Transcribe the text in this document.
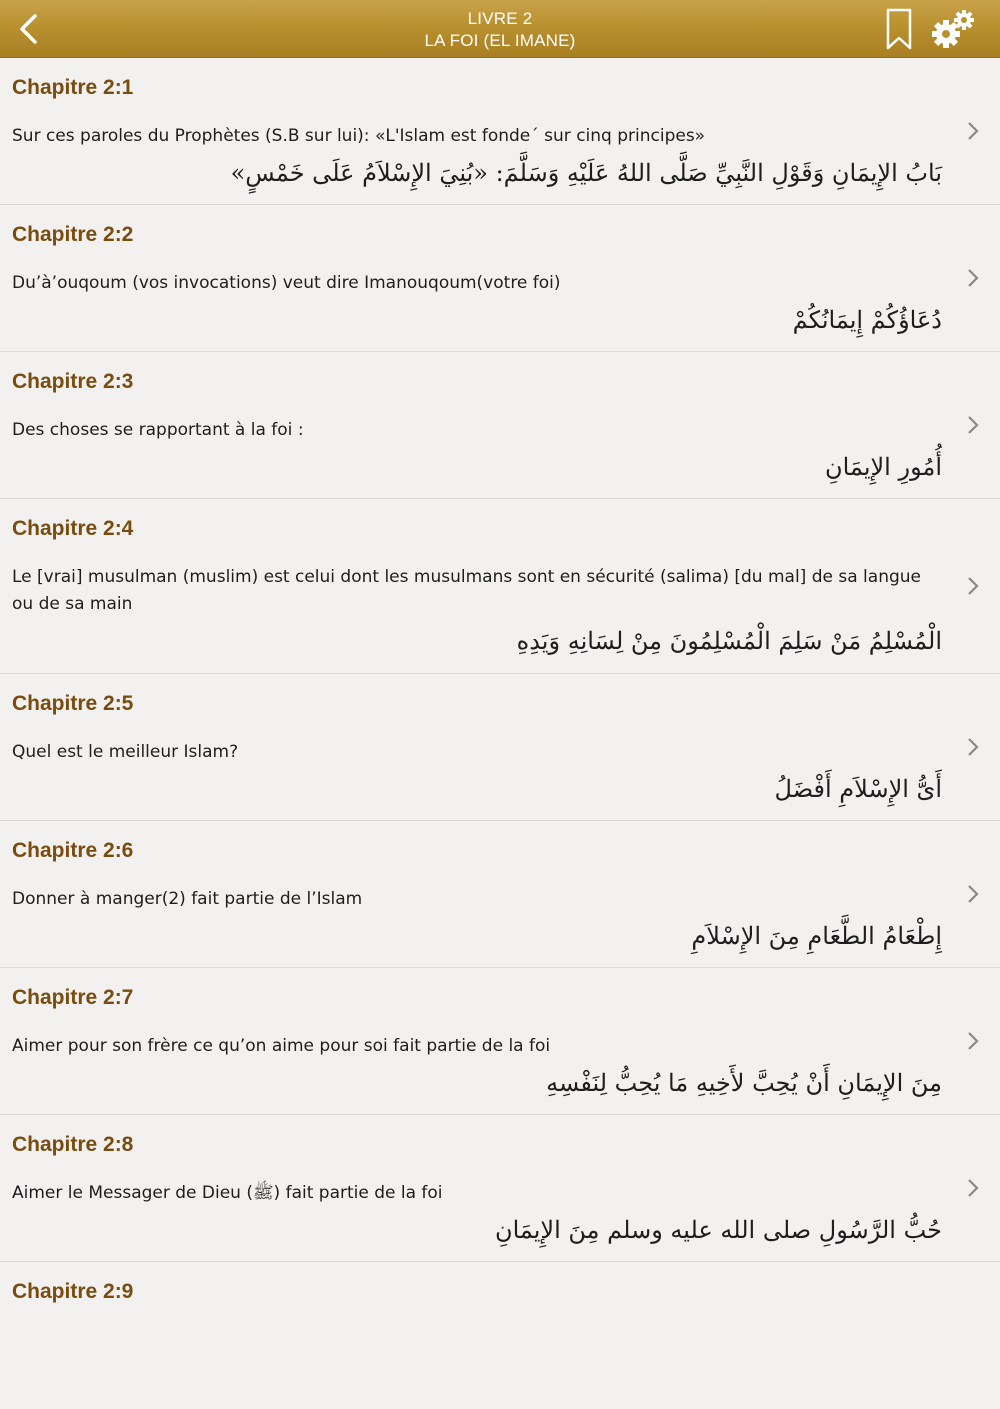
LIVRE 2
LA FOI (EL IMANE)
Chapitre 2:1
Sur ces paroles du Prophètes (S.B sur lui): «L'Islam est fonde´ sur cinq principes»
بَابُ الإِيمَانِ وَقَوْلِ النَّبِيِّ صَلَّى اللهُ عَلَيْهِ وَسَلَّمَ: «بُنِيَ الإِسْلاَمُ عَلَى خَمْسٍ»
Chapitre 2:2
Du’à’ouqoum (vos invocations) veut dire Imanouqoum(votre foi)
دُعَاؤُكُمْ إِيمَانُكُمْ
Chapitre 2:3
Des choses se rapportant à la foi :
أُمُورِ الإِيمَانِ
Chapitre 2:4
Le [vrai] musulman (muslim) est celui dont les musulmans sont en sécurité (salima) [du mal] de sa langue ou de sa main
الْمُسْلِمُ مَنْ سَلِمَ الْمُسْلِمُونَ مِنْ لِسَانِهِ وَيَدِهِ
Chapitre 2:5
Quel est le meilleur Islam?
أَىُّ الإِسْلاَمِ أَفْضَلُ
Chapitre 2:6
Donner à manger(2) fait partie de l’Islam
إِطْعَامُ الطَّعَامِ مِنَ الإِسْلاَمِ
Chapitre 2:7
Aimer pour son frère ce qu’on aime pour soi fait partie de la foi
مِنَ الإِيمَانِ أَنْ يُحِبَّ لأَخِيهِ مَا يُحِبُّ لِنَفْسِهِ
Chapitre 2:8
Aimer le Messager de Dieu (ﷺ) fait partie de la foi
حُبُّ الرَّسُولِ صلى الله عليه وسلم مِنَ الإِيمَانِ
Chapitre 2:9
